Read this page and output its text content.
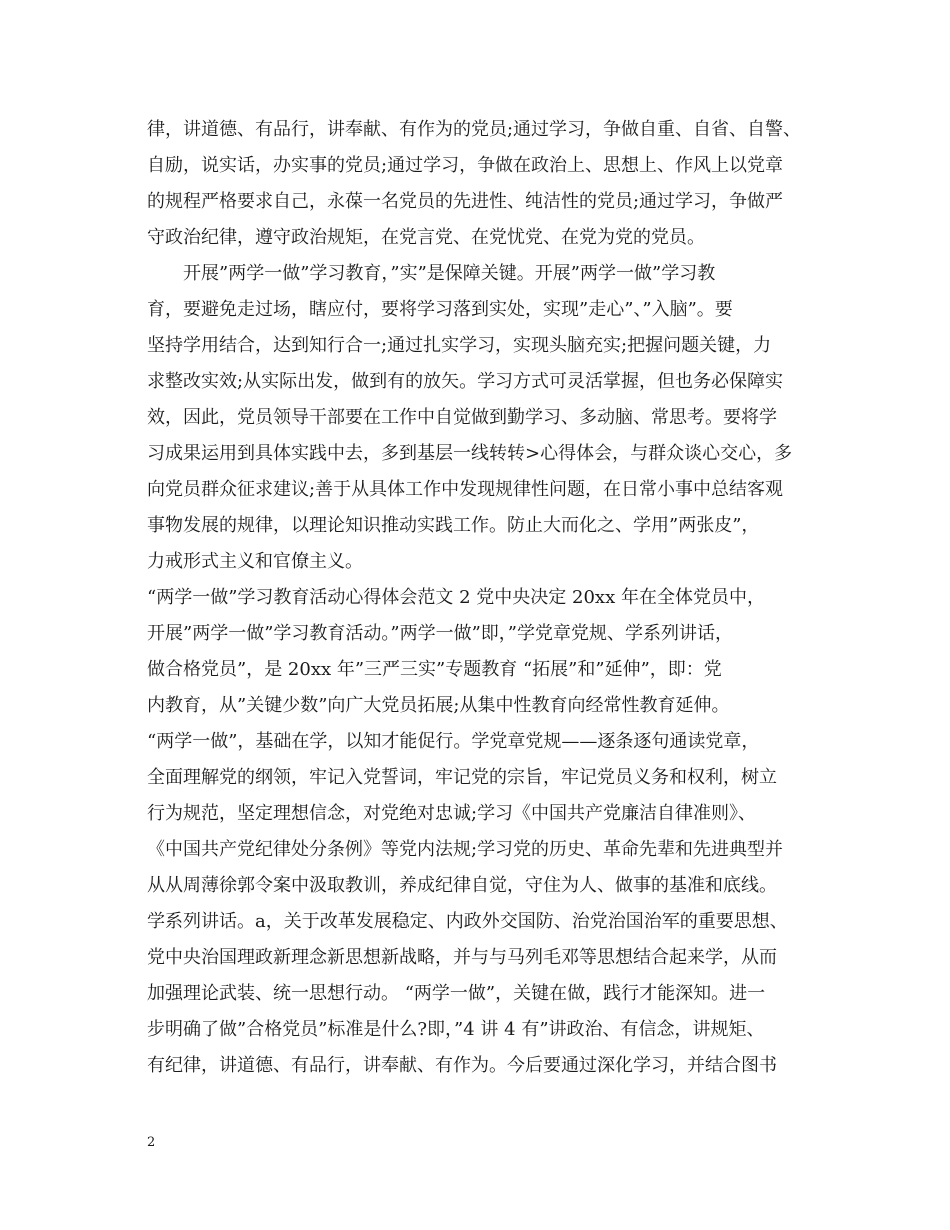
律，讲道德、有品行，讲奉献、有作为的党员;通过学习，争做自重、自省、自警、
自励，说实话，办实事的党员;通过学习，争做在政治上、思想上、作风上以党章
的规程严格要求自己，永葆一名党员的先进性、纯洁性的党员;通过学习，争做严
守政治纪律，遵守政治规矩，在党言党、在党忧党、在党为党的党员。
开展”两学一做”学习教育，”实”是保障关键。开展”两学一做”学习教
育，要避免走过场，瞎应付，要将学习落到实处，实现”走心”、”入脑”。要
坚持学用结合，达到知行合一;通过扎实学习，实现头脑充实;把握问题关键，力
求整改实效;从实际出发，做到有的放矢。学习方式可灵活掌握，但也务必保障实
效，因此，党员领导干部要在工作中自觉做到勤学习、多动脑、常思考。要将学
习成果运用到具体实践中去，多到基层一线转转>心得体会，与群众谈心交心，多
向党员群众征求建议;善于从具体工作中发现规律性问题，在日常小事中总结客观
事物发展的规律，以理论知识推动实践工作。防止大而化之、学用”两张皮”，
力戒形式主义和官僚主义。
“两学一做”学习教育活动心得体会范文 2 党中央决定 20xx 年在全体党员中，
开展”两学一做”学习教育活动。”两学一做”即，”学党章党规、学系列讲话，
做合格党员”，是 20xx 年”三严三实”专题教育 “拓展”和”延伸”，即：党
内教育，从”关键少数”向广大党员拓展;从集中性教育向经常性教育延伸。
“两学一做”，基础在学，以知才能促行。学党章党规——逐条逐句通读党章，
全面理解党的纲领，牢记入党誓词，牢记党的宗旨，牢记党员义务和权利，树立
行为规范，坚定理想信念，对党绝对忠诚;学习《中国共产党廉洁自律准则》、
《中国共产党纪律处分条例》等党内法规;学习党的历史、革命先辈和先进典型并
从从周薄徐郭令案中汲取教训，养成纪律自觉，守住为人、做事的基准和底线。
学系列讲话。a，关于改革发展稳定、内政外交国防、治党治国治军的重要思想、
党中央治国理政新理念新思想新战略，并与与马列毛邓等思想结合起来学，从而
加强理论武装、统一思想行动。 “两学一做”，关键在做，践行才能深知。进一
步明确了做”合格党员”标准是什么?即，”4 讲 4 有”讲政治、有信念，讲规矩、
有纪律，讲道德、有品行，讲奉献、有作为。今后要通过深化学习，并结合图书
2
